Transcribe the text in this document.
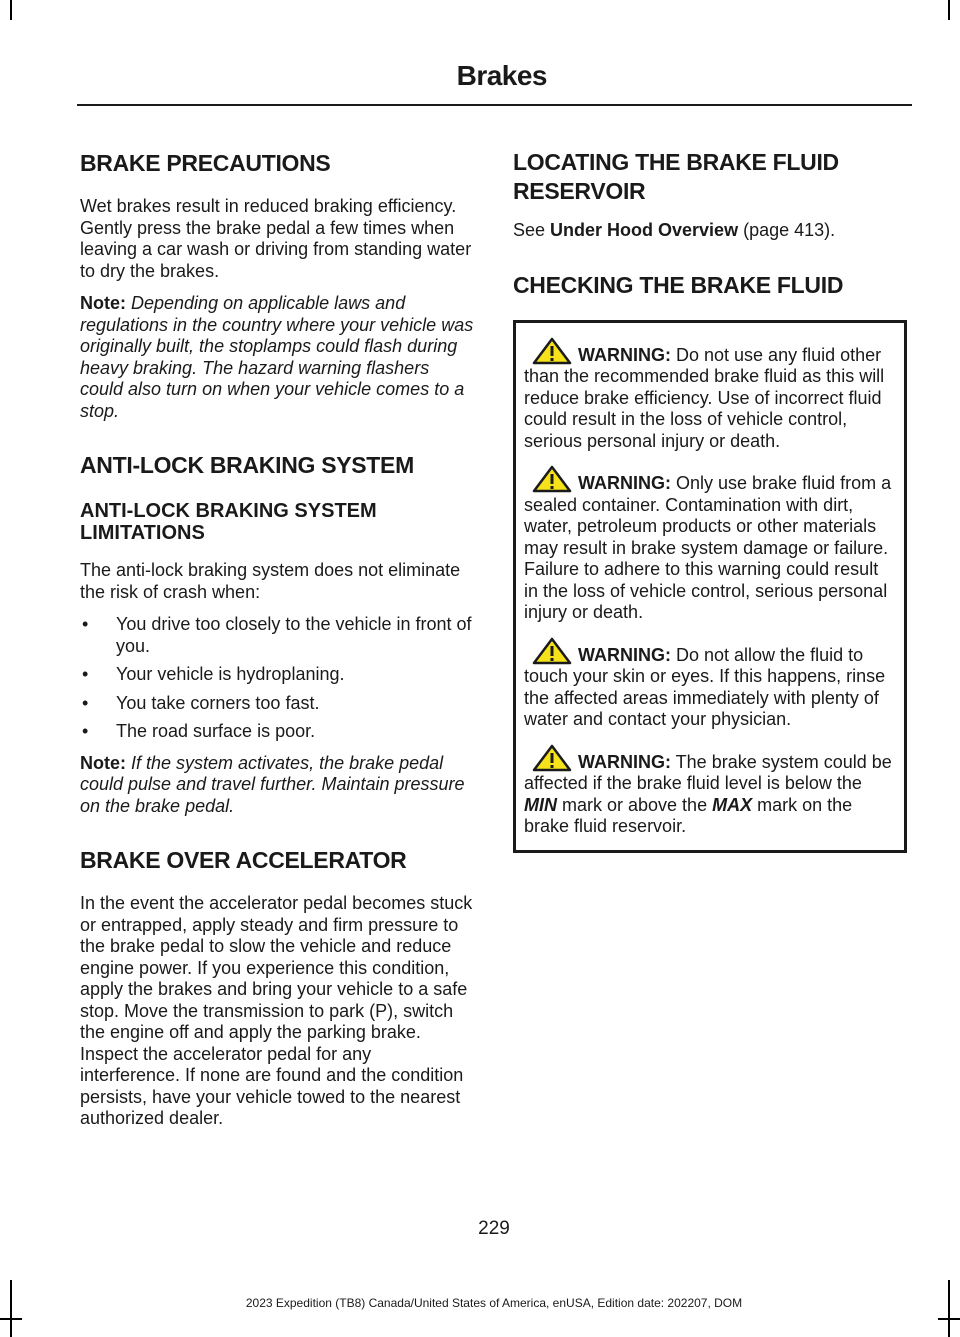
Brakes
BRAKE PRECAUTIONS

Wet brakes result in reduced braking efficiency. Gently press the brake pedal a few times when leaving a car wash or driving from standing water to dry the brakes.

Note: Depending on applicable laws and regulations in the country where your vehicle was originally built, the stoplamps could flash during heavy braking. The hazard warning flashers could also turn on when your vehicle comes to a stop.

ANTI-LOCK BRAKING SYSTEM
ANTI-LOCK BRAKING SYSTEM LIMITATIONS

The anti-lock braking system does not eliminate the risk of crash when:

• You drive too closely to the vehicle in front of you.
• Your vehicle is hydroplaning.
• You take corners too fast.
• The road surface is poor.

Note: If the system activates, the brake pedal could pulse and travel further. Maintain pressure on the brake pedal.

BRAKE OVER ACCELERATOR

In the event the accelerator pedal becomes stuck or entrapped, apply steady and firm pressure to the brake pedal to slow the vehicle and reduce engine power. If you experience this condition, apply the brakes and bring your vehicle to a safe stop. Move the transmission to park (P), switch the engine off and apply the parking brake. Inspect the accelerator pedal for any interference. If none are found and the condition persists, have your vehicle towed to the nearest authorized dealer.

LOCATING THE BRAKE FLUID RESERVOIR

See Under Hood Overview (page 413).

CHECKING THE BRAKE FLUID
WARNING: Do not use any fluid other than the recommended brake fluid as this will reduce brake efficiency. Use of incorrect fluid could result in the loss of vehicle control, serious personal injury or death.
WARNING: Only use brake fluid from a sealed container. Contamination with dirt, water, petroleum products or other materials may result in brake system damage or failure. Failure to adhere to this warning could result in the loss of vehicle control, serious personal injury or death.
WARNING: Do not allow the fluid to touch your skin or eyes. If this happens, rinse the affected areas immediately with plenty of water and contact your physician.
WARNING: The brake system could be affected if the brake fluid level is below the MIN mark or above the MAX mark on the brake fluid reservoir.
229
2023 Expedition (TB8) Canada/United States of America, enUSA, Edition date: 202207, DOM
